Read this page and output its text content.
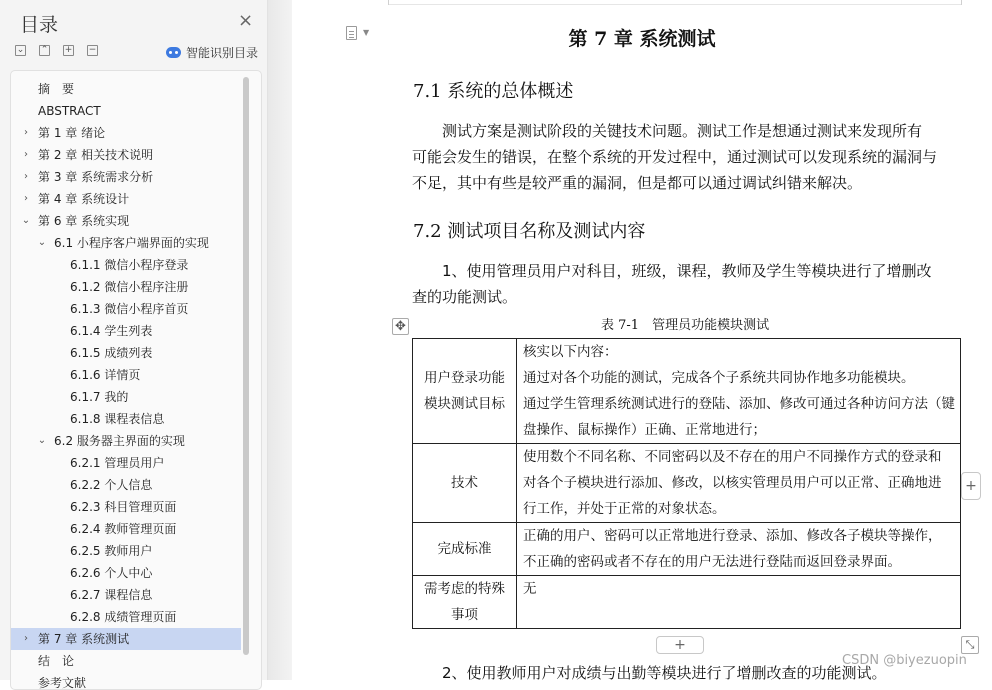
目录	×
⌄ ⌃ + −	智能识别目录
摘　要
ABSTRACT
› 第 1 章 绪论
› 第 2 章 相关技术说明
› 第 3 章 系统需求分析
› 第 4 章 系统设计
⌄ 第 6 章 系统实现
⌄ 6.1 小程序客户端界面的实现
6.1.1 微信小程序登录
6.1.2 微信小程序注册
6.1.3 微信小程序首页
6.1.4 学生列表
6.1.5 成绩列表
6.1.6 详情页
6.1.7 我的
6.1.8 课程表信息
⌄ 6.2 服务器主界面的实现
6.2.1 管理员用户
6.2.2 个人信息
6.2.3 科目管理页面
6.2.4 教师管理页面
6.2.5 教师用户
6.2.6 个人中心
6.2.7 课程信息
6.2.8 成绩管理页面
› 第 7 章 系统测试
结　论
参考文献
▼	第 7 章 系统测试
7.1 系统的总体概述

　　测试方案是测试阶段的关键技术问题。测试工作是想通过测试来发现所有

可能会发生的错误，在整个系统的开发过程中，通过测试可以发现系统的漏洞与

不足，其中有些是较严重的漏洞，但是都可以通过调试纠错来解决。

7.2 测试项目名称及测试内容

　　1、使用管理员用户对科目，班级，课程，教师及学生等模块进行了增删改

查的功能测试。

✥	表 7-1　管理员功能模块测试
用户登录功能
模块测试目标	核实以下内容：
通过对各个功能的测试，完成各个子系统共同协作地多功能模块。
通过学生管理系统测试进行的登陆、添加、修改可通过各种访问方法（键
盘操作、鼠标操作）正确、正常地进行；

技术	使用数个不同名称、不同密码以及不存在的用户不同操作方式的登录和
对各个子模块进行添加、修改，以核实管理员用户可以正常、正确地进
行工作，并处于正常的对象状态。

完成标准	正确的用户、密码可以正常地进行登录、添加、修改各子模块等操作，
不正确的密码或者不存在的用户无法进行登陆而返回登录界面。

需考虑的特殊
事项	无
+
+	⤡

　　2、使用教师用户对成绩与出勤等模块进行了增删改查的功能测试。

CSDN @biyezuopin
